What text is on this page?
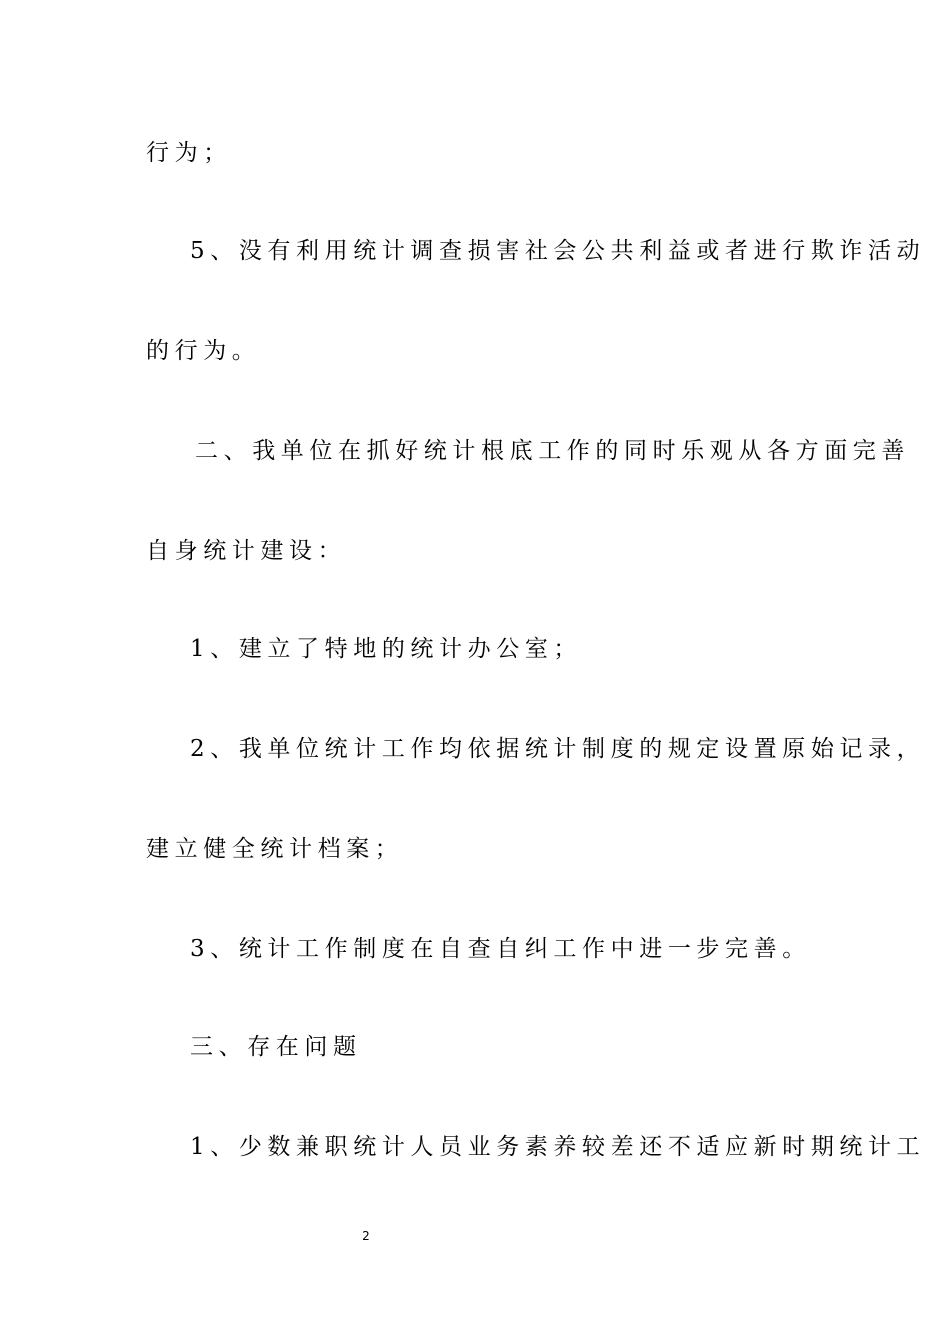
行为；
5、没有利用统计调查损害社会公共利益或者进行欺诈活动
的行为。
二、我单位在抓好统计根底工作的同时乐观从各方面完善
自身统计建设：
1、建立了特地的统计办公室；
2、我单位统计工作均依据统计制度的规定设置原始记录，
建立健全统计档案；
3、统计工作制度在自查自纠工作中进一步完善。
三、存在问题
1、少数兼职统计人员业务素养较差还不适应新时期统计工
2
